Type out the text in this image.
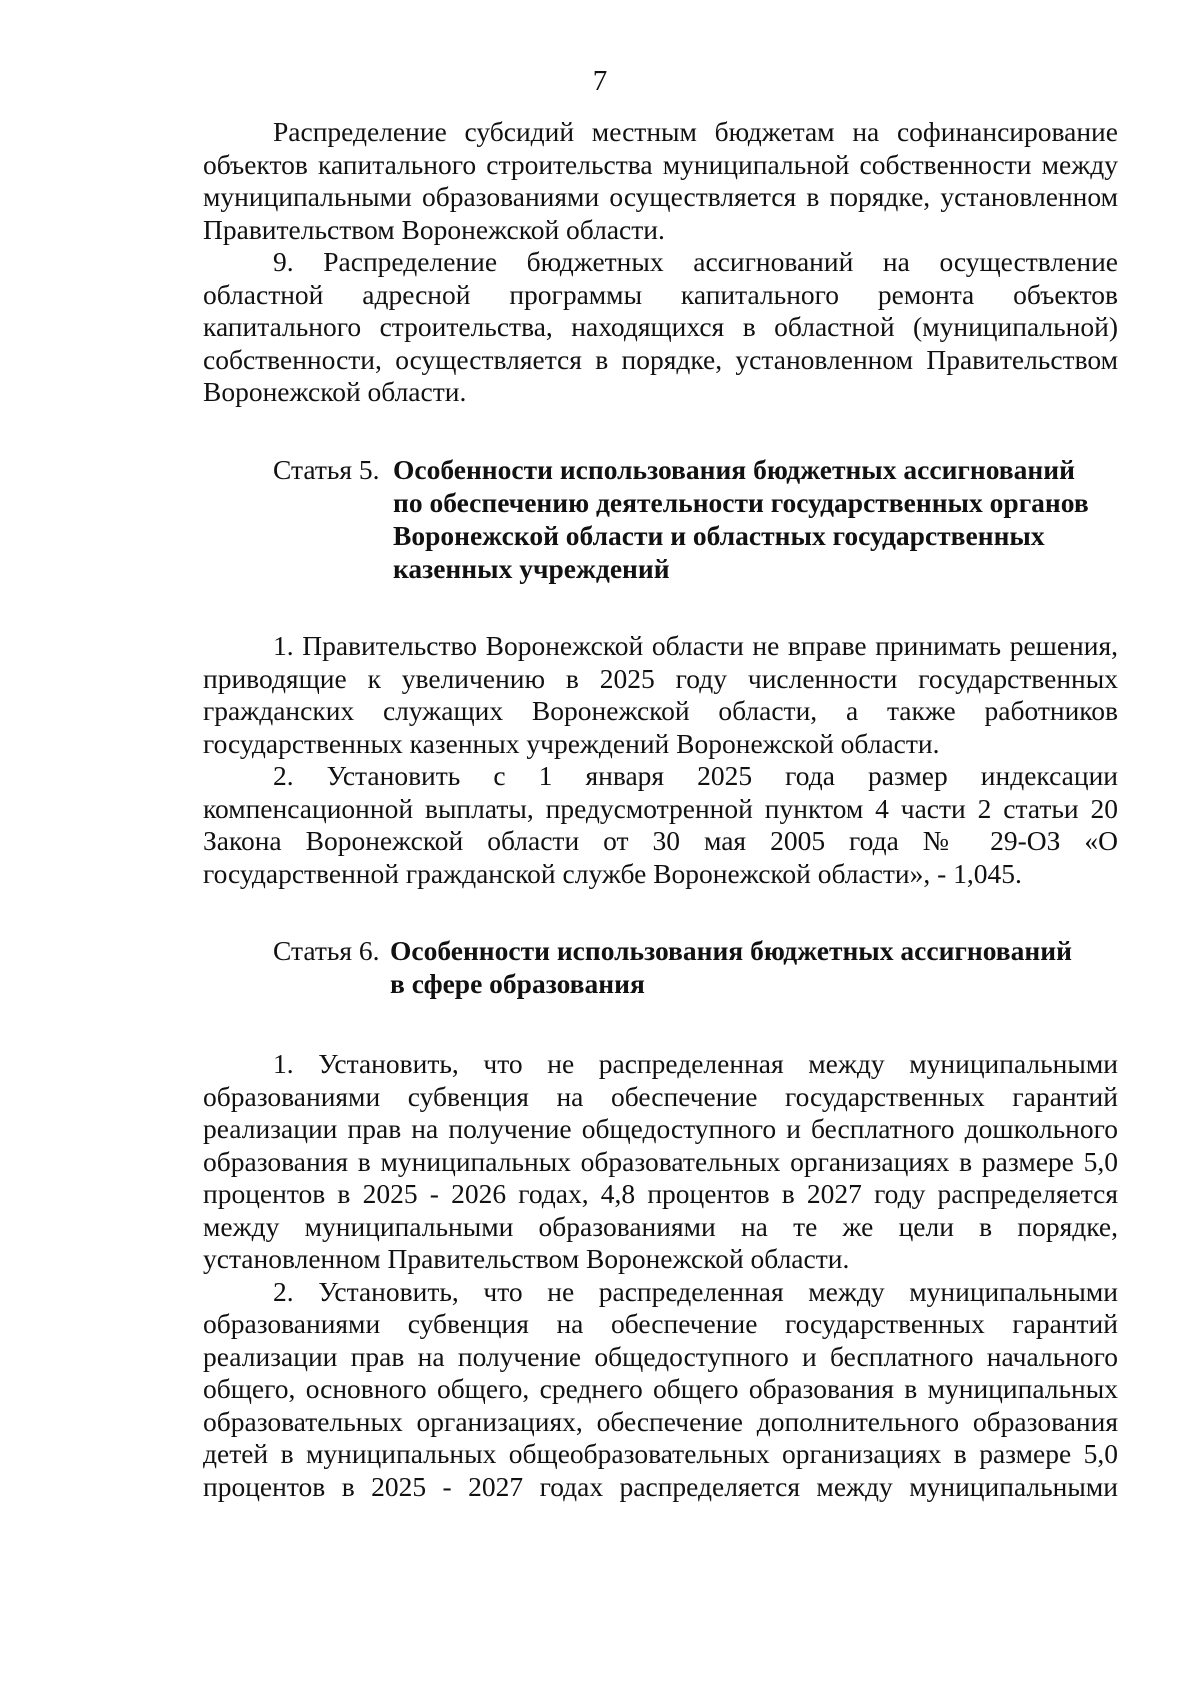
7

Распределение субсидий местным бюджетам на софинансирование объектов капитального строительства муниципальной собственности между муниципальными образованиями осуществляется в порядке, установленном Правительством Воронежской области.

9. Распределение бюджетных ассигнований на осуществление областной адресной программы капитального ремонта объектов капитального строительства, находящихся в областной (муниципальной) собственности, осуществляется в порядке, установленном Правительством Воронежской области.

Статья 5. Особенности использования бюджетных ассигнований
по обеспечению деятельности государственных органов
Воронежской области и областных государственных
казенных учреждений

1. Правительство Воронежской области не вправе принимать решения, приводящие к увеличению в 2025 году численности государственных гражданских служащих Воронежской области, а также работников государственных казенных учреждений Воронежской области.

2. Установить с 1 января 2025 года размер индексации компенсационной выплаты, предусмотренной пунктом 4 части 2 статьи 20 Закона Воронежской области от 30 мая 2005 года № 29-ОЗ «О государственной гражданской службе Воронежской области», - 1,045.

Статья 6. Особенности использования бюджетных ассигнований
в сфере образования

1. Установить, что не распределенная между муниципальными образованиями субвенция на обеспечение государственных гарантий реализации прав на получение общедоступного и бесплатного дошкольного образования в муниципальных образовательных организациях в размере 5,0 процентов в 2025 - 2026 годах, 4,8 процентов в 2027 году распределяется между муниципальными образованиями на те же цели в порядке, установленном Правительством Воронежской области.

2. Установить, что не распределенная между муниципальными образованиями субвенция на обеспечение государственных гарантий реализации прав на получение общедоступного и бесплатного начального общего, основного общего, среднего общего образования в муниципальных образовательных организациях, обеспечение дополнительного образования детей в муниципальных общеобразовательных организациях в размере 5,0 процентов в 2025 - 2027 годах распределяется между муниципальными
